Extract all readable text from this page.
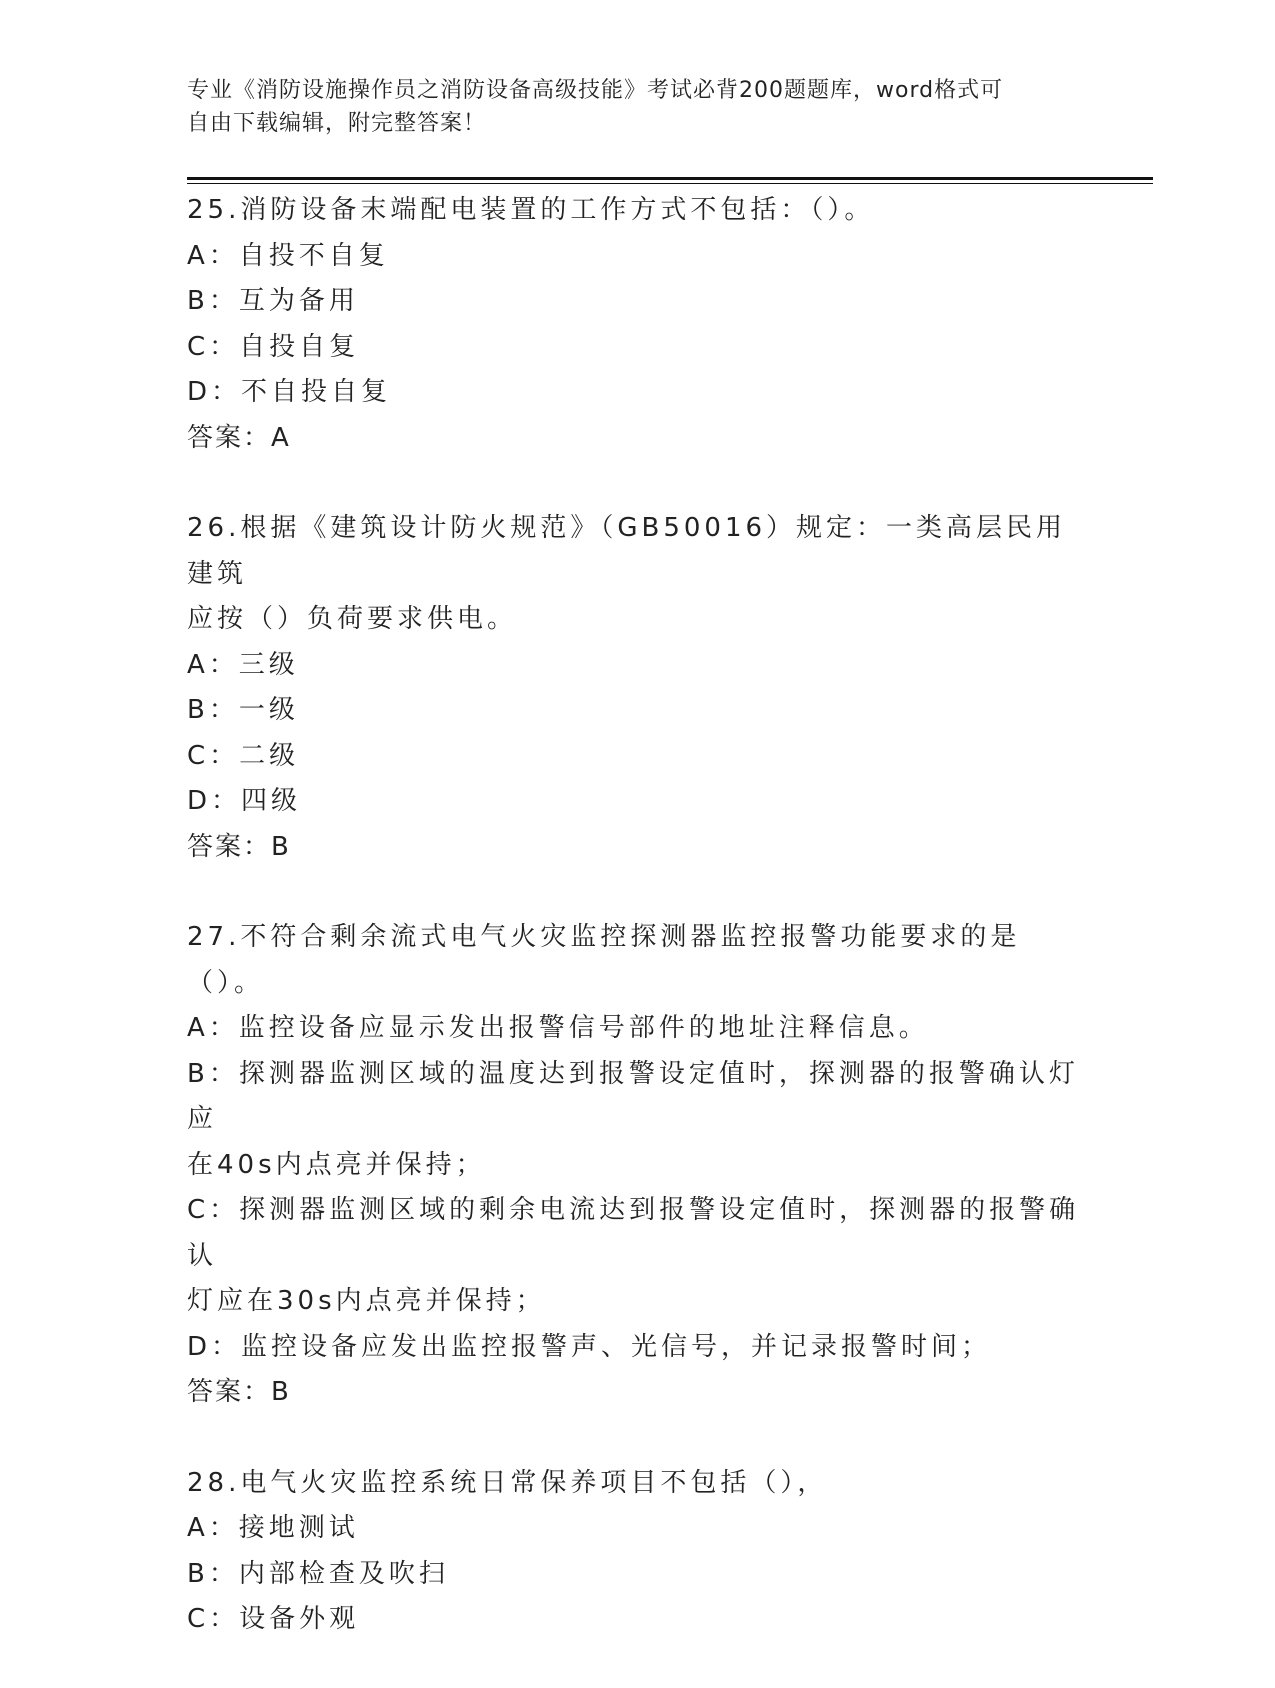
专业《消防设施操作员之消防设备高级技能》考试必背200题题库，word格式可
自由下载编辑，附完整答案！

25.消防设备末端配电装置的工作方式不包括：（）。

A：自投不自复

B：互为备用

C：自投自复

D：不自投自复

答案：A

26.根据《建筑设计防火规范》（GB50016）规定：一类高层民用建筑

应按（）负荷要求供电。

A：三级

B：一级

C：二级

D：四级

答案：B

27.不符合剩余流式电气火灾监控探测器监控报警功能要求的是（）。

A：监控设备应显示发出报警信号部件的地址注释信息。

B：探测器监测区域的温度达到报警设定值时，探测器的报警确认灯应

在40s内点亮并保持；

C：探测器监测区域的剩余电流达到报警设定值时，探测器的报警确认

灯应在30s内点亮并保持；

D：监控设备应发出监控报警声、光信号，并记录报警时间；

答案：B

28.电气火灾监控系统日常保养项目不包括（），

A：接地测试

B：内部检查及吹扫

C：设备外观
